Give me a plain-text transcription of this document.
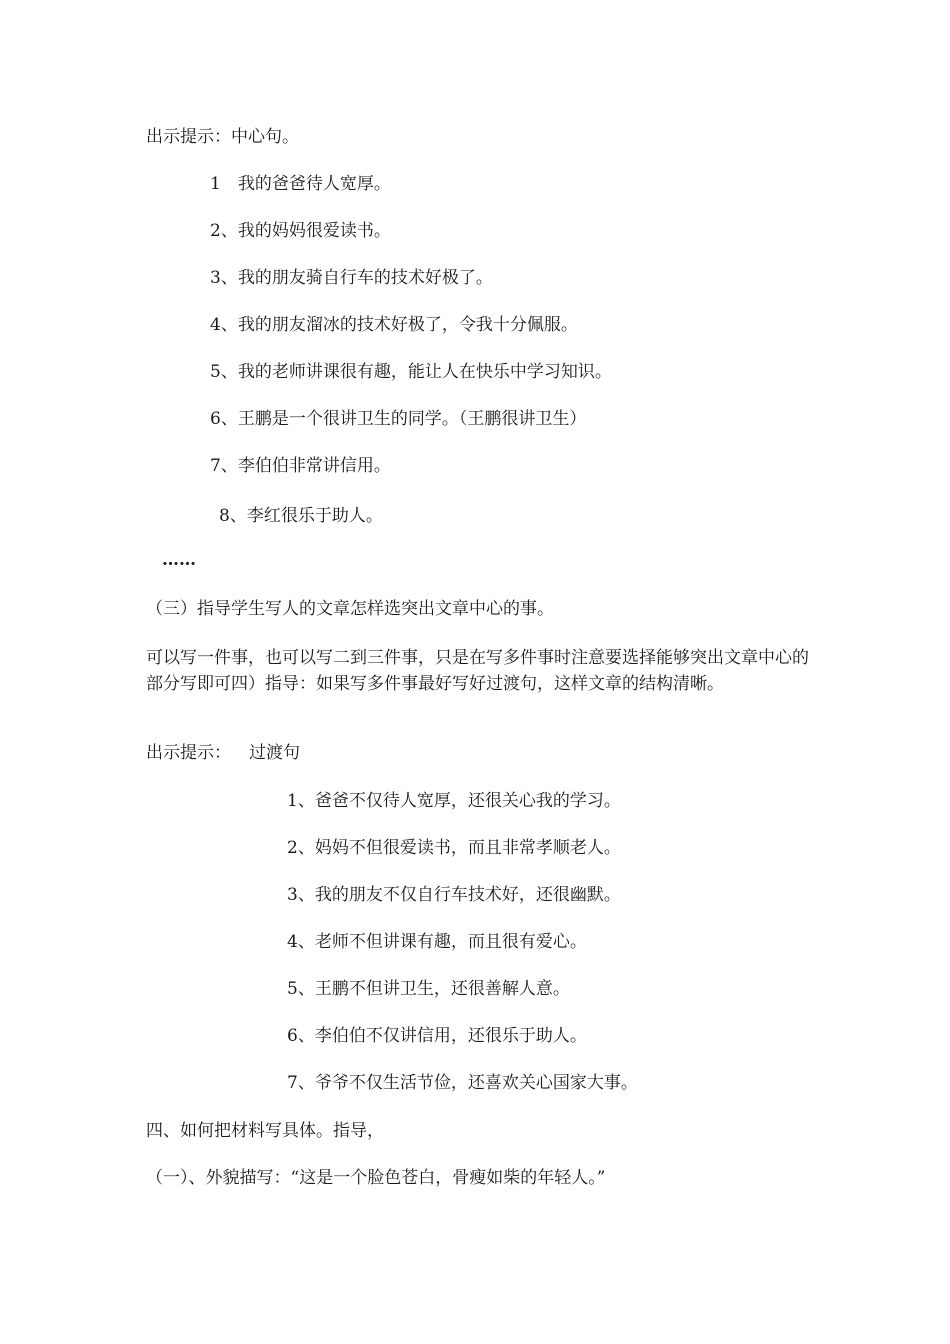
出示提示：中心句。
1　我的爸爸待人宽厚。
2、我的妈妈很爱读书。
3、我的朋友骑自行车的技术好极了。
4、我的朋友溜冰的技术好极了，令我十分佩服。
5、我的老师讲课很有趣，能让人在快乐中学习知识。
6、王鹏是一个很讲卫生的同学。（王鹏很讲卫生）
7、李伯伯非常讲信用。
8、李红很乐于助人。
……
（三）指导学生写人的文章怎样选突出文章中心的事。
可以写一件事，也可以写二到三件事，只是在写多件事时注意要选择能够突出文章中心的部分写即可四）指导：如果写多件事最好写好过渡句，这样文章的结构清晰。
出示提示： 过渡句
1、爸爸不仅待人宽厚，还很关心我的学习。
2、妈妈不但很爱读书，而且非常孝顺老人。
3、我的朋友不仅自行车技术好，还很幽默。
4、老师不但讲课有趣，而且很有爱心。
5、王鹏不但讲卫生，还很善解人意。
6、李伯伯不仅讲信用，还很乐于助人。
7、爷爷不仅生活节俭，还喜欢关心国家大事。
四、如何把材料写具体。指导，
（一）、外貌描写：“这是一个脸色苍白，骨瘦如柴的年轻人。”
